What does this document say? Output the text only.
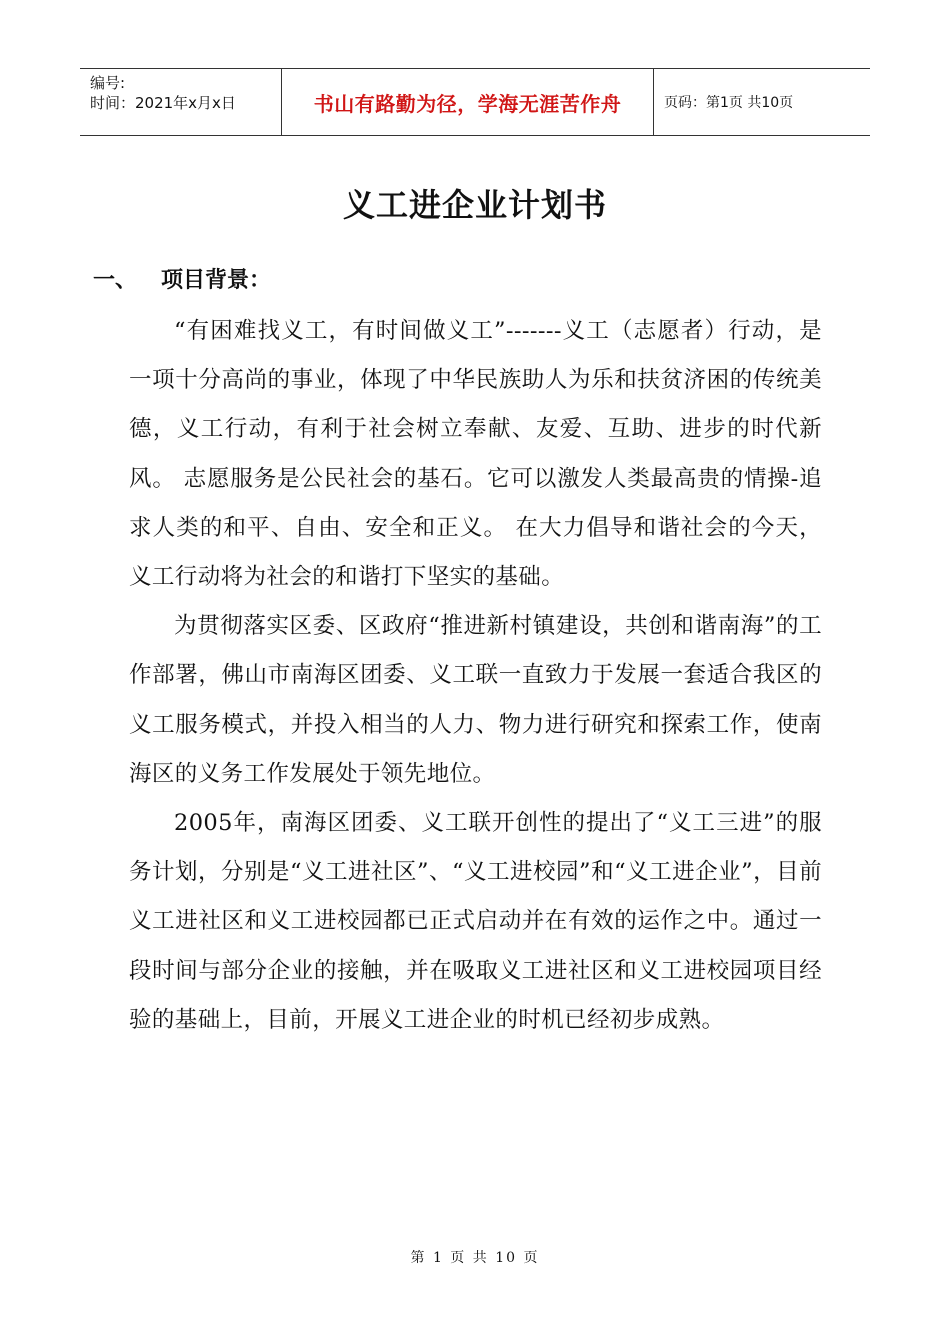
编号:
时间：2021年x月x日	书山有路勤为径，学海无涯苦作舟	页码：第1页 共10页
义工进企业计划书
一、 项目背景：

“有困难找义工，有时间做义工”-------义工（志愿者）行动，是一项十分高尚的事业，体现了中华民族助人为乐和扶贫济困的传统美德，义工行动，有利于社会树立奉献、友爱、互助、进步的时代新风。 志愿服务是公民社会的基石。它可以激发人类最高贵的情操-追求人类的和平、自由、安全和正义。 在大力倡导和谐社会的今天，义工行动将为社会的和谐打下坚实的基础。

为贯彻落实区委、区政府“推进新村镇建设，共创和谐南海”的工作部署，佛山市南海区团委、义工联一直致力于发展一套适合我区的义工服务模式，并投入相当的人力、物力进行研究和探索工作，使南海区的义务工作发展处于领先地位。

2005年，南海区团委、义工联开创性的提出了“义工三进”的服务计划，分别是“义工进社区”、“义工进校园”和“义工进企业”，目前义工进社区和义工进校园都已正式启动并在有效的运作之中。通过一段时间与部分企业的接触，并在吸取义工进社区和义工进校园项目经验的基础上，目前，开展义工进企业的时机已经初步成熟。

第 1 页 共 10 页
